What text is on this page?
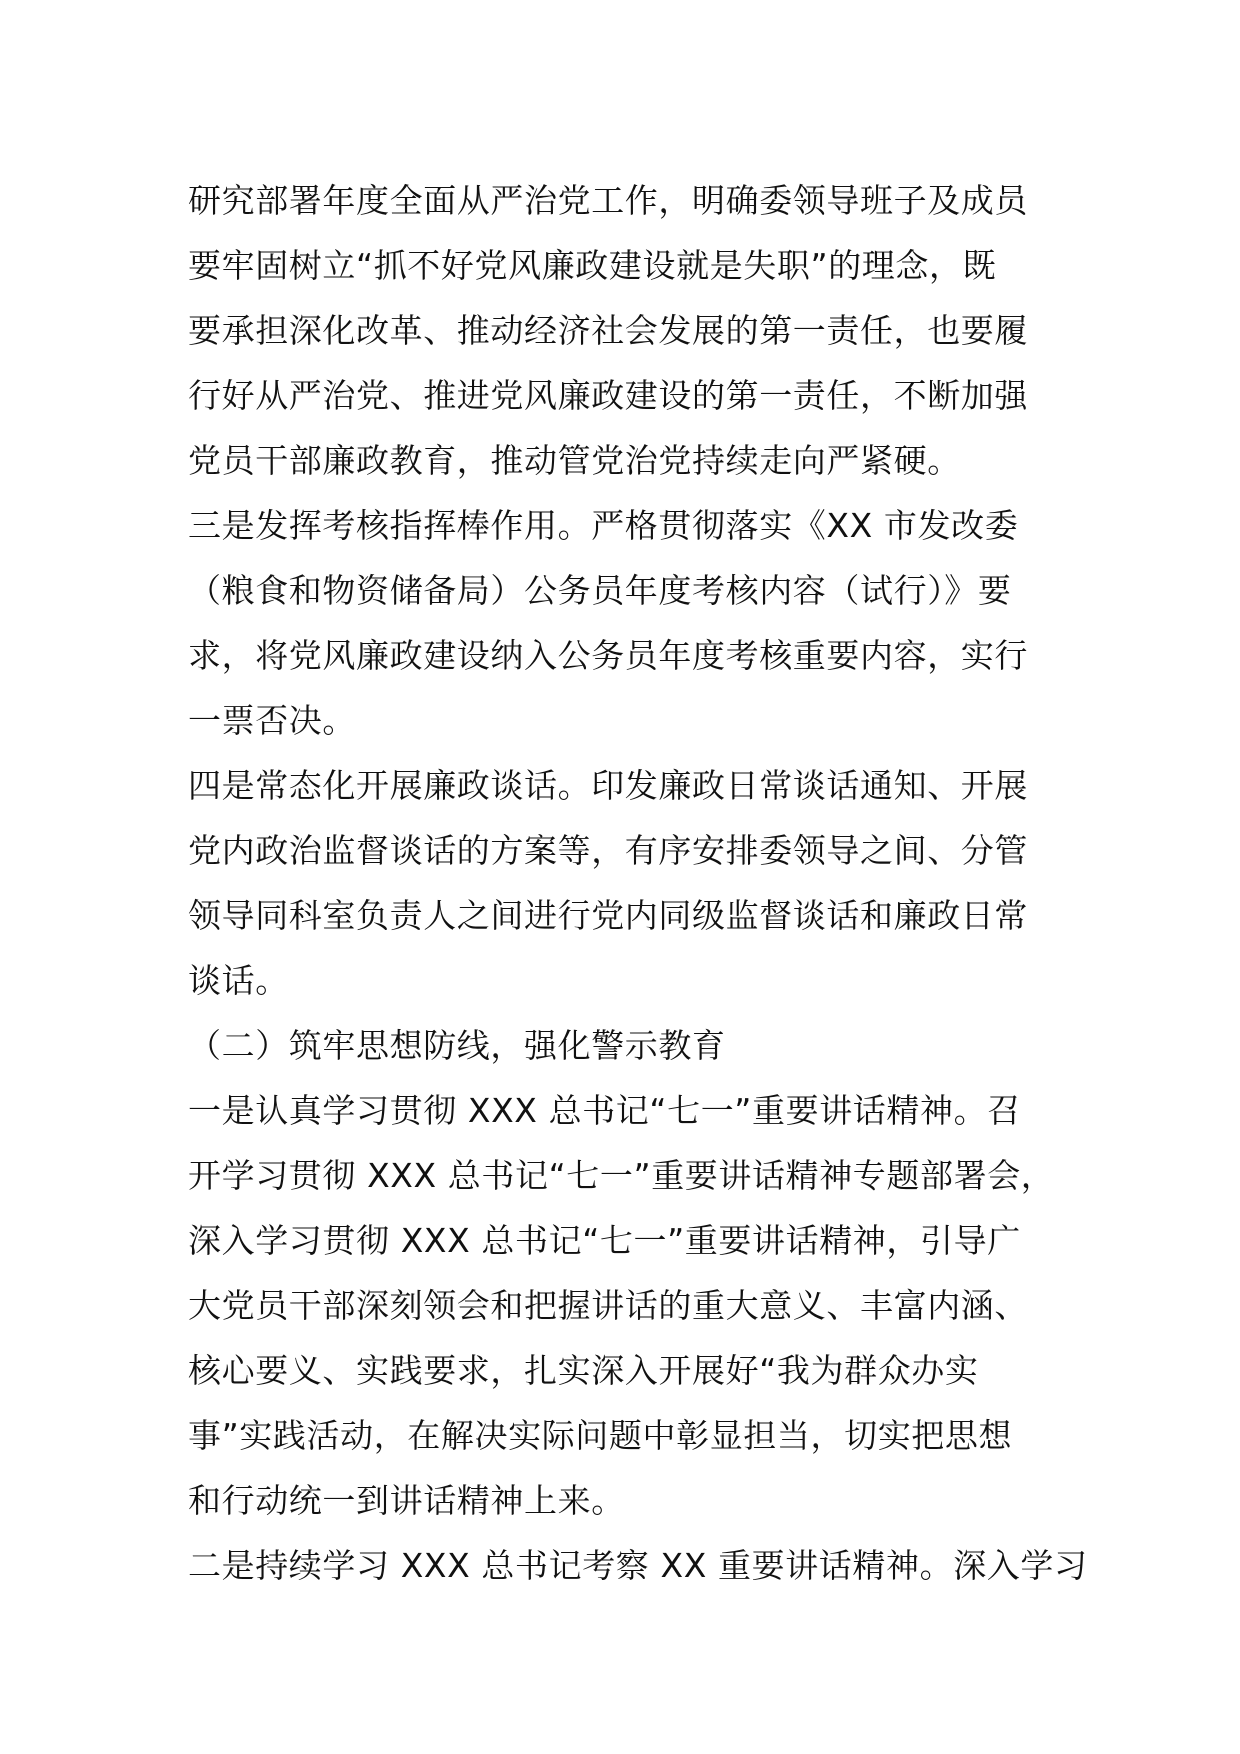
研究部署年度全面从严治党工作，明确委领导班子及成员
要牢固树立“抓不好党风廉政建设就是失职”的理念，既
要承担深化改革、推动经济社会发展的第一责任，也要履
行好从严治党、推进党风廉政建设的第一责任，不断加强
党员干部廉政教育，推动管党治党持续走向严紧硬。
三是发挥考核指挥棒作用。严格贯彻落实《XX 市发改委
（粮食和物资储备局）公务员年度考核内容（试行）》要
求，将党风廉政建设纳入公务员年度考核重要内容，实行
一票否决。
四是常态化开展廉政谈话。印发廉政日常谈话通知、开展
党内政治监督谈话的方案等，有序安排委领导之间、分管
领导同科室负责人之间进行党内同级监督谈话和廉政日常
谈话。
（二）筑牢思想防线，强化警示教育
一是认真学习贯彻 XXX 总书记“七一”重要讲话精神。召
开学习贯彻 XXX 总书记“七一”重要讲话精神专题部署会，
深入学习贯彻 XXX 总书记“七一”重要讲话精神，引导广
大党员干部深刻领会和把握讲话的重大意义、丰富内涵、
核心要义、实践要求，扎实深入开展好“我为群众办实
事”实践活动，在解决实际问题中彰显担当，切实把思想
和行动统一到讲话精神上来。
二是持续学习 XXX 总书记考察 XX 重要讲话精神。深入学习
